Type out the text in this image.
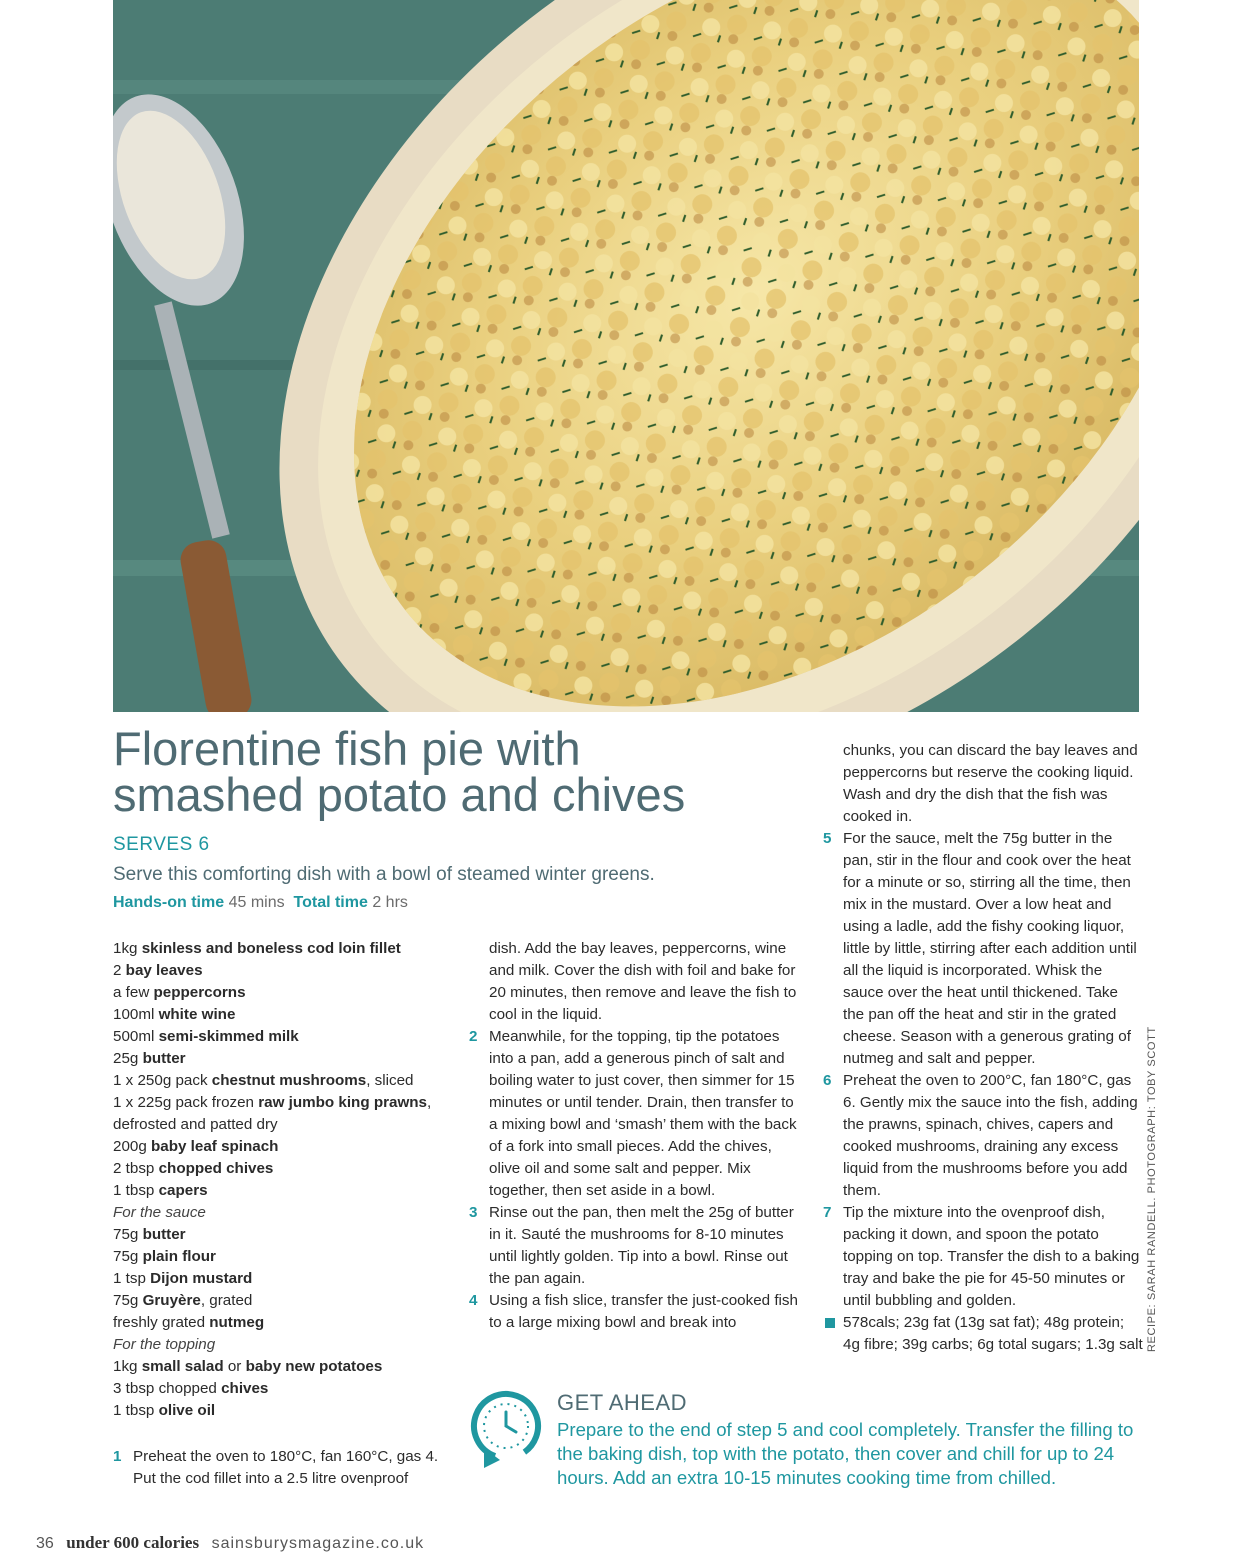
Florentine fish pie with
smashed potato and chives
SERVES 6
Serve this comforting dish with a bowl of steamed winter greens.
Hands-on time 45 mins Total time 2 hrs
1kg skinless and boneless cod loin fillet
2 bay leaves
a few peppercorns
100ml white wine
500ml semi-skimmed milk
25g butter
1 x 250g pack chestnut mushrooms, sliced
1 x 225g pack frozen raw jumbo king prawns,
defrosted and patted dry
200g baby leaf spinach
2 tbsp chopped chives
1 tbsp capers
For the sauce
75g butter
75g plain flour
1 tsp Dijon mustard
75g Gruyère, grated
freshly grated nutmeg
For the topping
1kg small salad or baby new potatoes
3 tbsp chopped chives
1 tbsp olive oil
1 Preheat the oven to 180°C, fan 160°C, gas 4. Put the cod fillet into a 2.5 litre ovenproof
dish. Add the bay leaves, peppercorns, wine and milk. Cover the dish with foil and bake for 20 minutes, then remove and leave the fish to cool in the liquid.
2 Meanwhile, for the topping, tip the potatoes into a pan, add a generous pinch of salt and boiling water to just cover, then simmer for 15 minutes or until tender. Drain, then transfer to a mixing bowl and ‘smash’ them with the back of a fork into small pieces. Add the chives, olive oil and some salt and pepper. Mix together, then set aside in a bowl.
3 Rinse out the pan, then melt the 25g of butter in it. Sauté the mushrooms for 8-10 minutes until lightly golden. Tip into a bowl. Rinse out the pan again.
4 Using a fish slice, transfer the just-cooked fish to a large mixing bowl and break into
chunks, you can discard the bay leaves and peppercorns but reserve the cooking liquid. Wash and dry the dish that the fish was cooked in.
5 For the sauce, melt the 75g butter in the pan, stir in the flour and cook over the heat for a minute or so, stirring all the time, then mix in the mustard. Over a low heat and using a ladle, add the fishy cooking liquor, little by little, stirring after each addition until all the liquid is incorporated. Whisk the sauce over the heat until thickened. Take the pan off the heat and stir in the grated cheese. Season with a generous grating of nutmeg and salt and pepper.
6 Preheat the oven to 200°C, fan 180°C, gas 6. Gently mix the sauce into the fish, adding the prawns, spinach, chives, capers and cooked mushrooms, draining any excess liquid from the mushrooms before you add them.
7 Tip the mixture into the ovenproof dish, packing it down, and spoon the potato topping on top. Transfer the dish to a baking tray and bake the pie for 45-50 minutes or until bubbling and golden.
578cals; 23g fat (13g sat fat); 48g protein; 4g fibre; 39g carbs; 6g total sugars; 1.3g salt
GET AHEAD
Prepare to the end of step 5 and cool completely. Transfer the filling to the baking dish, top with the potato, then cover and chill for up to 24 hours. Add an extra 10-15 minutes cooking time from chilled.
RECIPE: SARAH RANDELL. PHOTOGRAPH: TOBY SCOTT
36 under 600 calories sainsburysmagazine.co.uk
